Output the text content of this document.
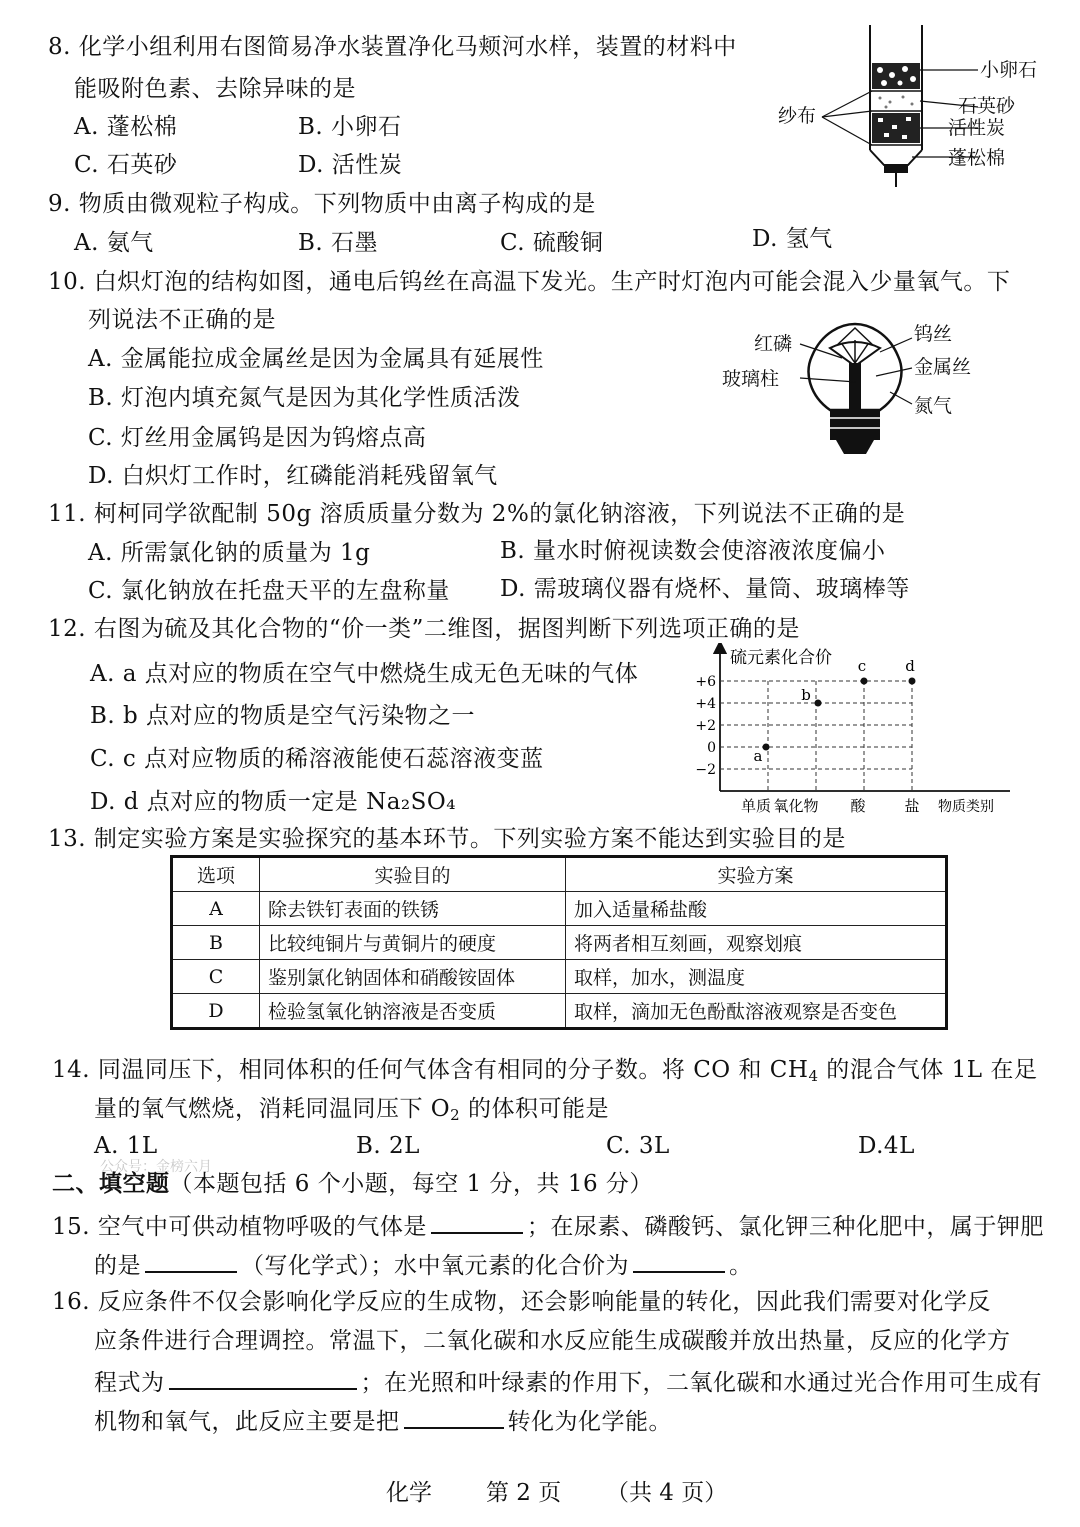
8. 化学小组利用右图简易净水装置净化马颊河水样，装置的材料中
能吸附色素、去除异味的是
A. 蓬松棉	B. 小卵石
C. 石英砂	D. 活性炭
小卵石
石英砂
纱布
活性炭
蓬松棉
9. 物质由微观粒子构成。下列物质中由离子构成的是
A. 氨气	B. 石墨	C. 硫酸铜	D. 氢气
10. 白炽灯泡的结构如图，通电后钨丝在高温下发光。生产时灯泡内可能会混入少量氧气。下
列说法不正确的是
A. 金属能拉成金属丝是因为金属具有延展性
B. 灯泡内填充氮气是因为其化学性质活泼
C. 灯丝用金属钨是因为钨熔点高
D. 白炽灯工作时，红磷能消耗残留氧气
红磷
玻璃柱
钨丝
金属丝
氮气
11. 柯柯同学欲配制 50g 溶质质量分数为 2%的氯化钠溶液，下列说法不正确的是
A. 所需氯化钠的质量为 1g	B. 量水时俯视读数会使溶液浓度偏小
C. 氯化钠放在托盘天平的左盘称量 D. 需玻璃仪器有烧杯、量筒、玻璃棒等
12. 右图为硫及其化合物的“价一类”二维图，据图判断下列选项正确的是
A. a 点对应的物质在空气中燃烧生成无色无味的气体
B. b 点对应的物质是空气污染物之一
C. c 点对应物质的稀溶液能使石蕊溶液变蓝
D. d 点对应的物质一定是 Na₂SO₄
硫元素化合价
物质类别
+6
+4
+2
0
−2
单质 氧化物 酸	盐
a
b
c	d
13. 制定实验方案是实验探究的基本环节。下列实验方案不能达到实验目的是
选项	实验目的	实验方案
A	除去铁钉表面的铁锈	加入适量稀盐酸
B	比较纯铜片与黄铜片的硬度	将两者相互刻画，观察划痕
C	鉴别氯化钠固体和硝酸铵固体	取样，加水，测温度
D	检验氢氧化钠溶液是否变质	取样，滴加无色酚酞溶液观察是否变色
14. 同温同压下，相同体积的任何气体含有相同的分子数。将 CO 和 $CH_4$ 的混合气体 1L 在足
量的氧气燃烧，消耗同温同压下 $O_2$ 的体积可能是
A. 1L	B. 2L	C. 3L	D.4L
公众号：金榜六月
二、填空题（本题包括 6 个小题，每空 1 分，共 16 分）
15. 空气中可供动植物呼吸的气体是	；在尿素、磷酸钙、氯化钾三种化肥中，属于钾肥
的是	（写化学式）；水中氧元素的化合价为	。
16. 反应条件不仅会影响化学反应的生成物，还会影响能量的转化，因此我们需要对化学反
应条件进行合理调控。常温下，二氧化碳和水反应能生成碳酸并放出热量，反应的化学方
程式为	；在光照和叶绿素的作用下，二氧化碳和水通过光合作用可生成有
机物和氧气，此反应主要是把	转化为化学能。
化学 第 2 页 （共 4 页）
